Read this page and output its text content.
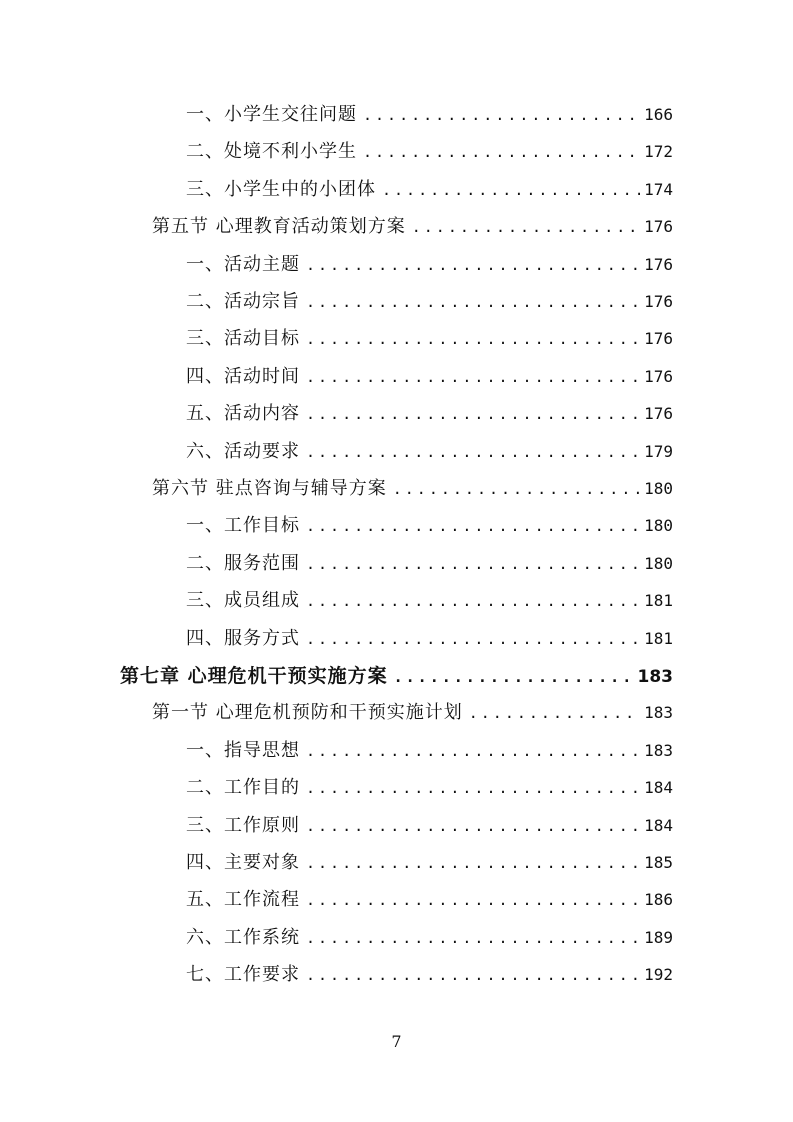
一、小学生交往问题 .....	166
二、处境不利小学生 .....	172
三、小学生中的小团体 .....	174
第五节 心理教育活动策划方案 .....	176
一、活动主题 .....	176
二、活动宗旨 .....	176
三、活动目标 .....	176
四、活动时间 .....	176
五、活动内容 .....	176
六、活动要求 .....	179
第六节 驻点咨询与辅导方案 .....	180
一、工作目标 .....	180
二、服务范围 .....	180
三、成员组成 .....	181
四、服务方式 .....	181
第七章 心理危机干预实施方案 .....	183
第一节 心理危机预防和干预实施计划 .....	183
一、指导思想 .....	183
二、工作目的 .....	184
三、工作原则 .....	184
四、主要对象 .....	185
五、工作流程 .....	186
六、工作系统 .....	189
七、工作要求 .....	192
7
